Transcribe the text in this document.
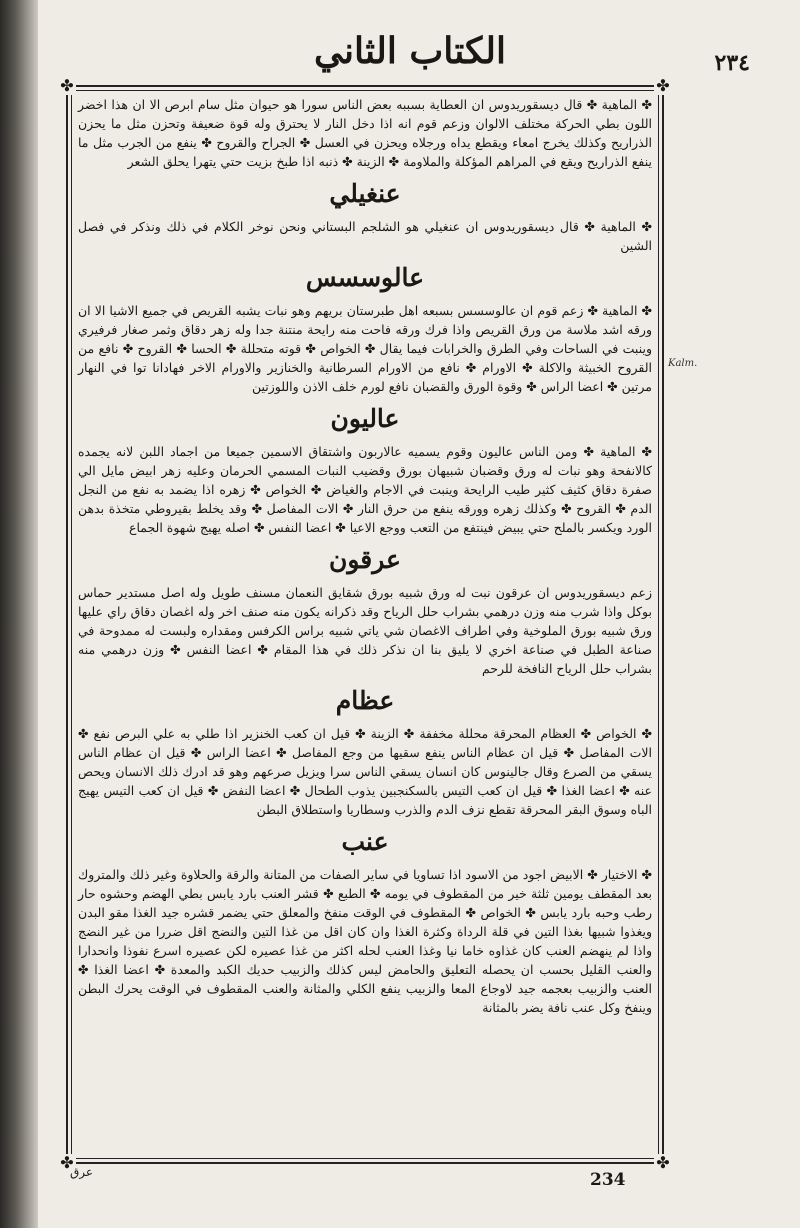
الكتاب الثاني	٢٣٤
✤	✤
✤	✤

✤ الماهية ✤ قال ديسقوريدوس ان العطاية بسببه بعض الناس سورا هو حيوان مثل سام ابرص الا ان هذا اخضر اللون بطي الحركة مختلف الالوان وزعم قوم انه اذا دخل النار لا يحترق وله قوة ضعيفة وتحزن مثل ما يحزن الذراريح وكذلك يخرج امعاء ويقطع يداه ورجلاه ويحزن في العسل ✤ الجراح والقروح ✤ ينفع من الجرب مثل ما ينفع الذراريح ويقع في المراهم المؤكلة والملاومة ✤ الزينة ✤ ذنبه اذا طبخ بزيت حتي يتهرا يحلق الشعر

عنغيلي

✤ الماهية ✤ قال ديسقوريدوس ان عنغيلي هو الشلجم البستاني ونحن نوخر الكلام في ذلك ونذكر في فصل الشين

عالوسسس

✤ الماهية ✤ زعم قوم ان عالوسسس بسبعه اهل طبرستان بريهم وهو نبات يشبه القريص في جميع الاشيا الا ان ورقه اشد ملاسة من ورق القريص واذا فرك ورقه فاحت منه رايحة منتنة جدا وله زهر دقاق وثمر صغار فرفيري وينبت في الساحات وفي الطرق والخرابات فيما يقال ✤ الخواص ✤ قوته متحللة ✤ الحسا ✤ القروح ✤ نافع من القروح الخبيثة والاكلة ✤ الاورام ✤ نافع من الاورام السرطانية والخنازير والاورام الاخر فهادانا توا في النهار مرتين ✤ اعضا الراس ✤ وقوة الورق والقضبان نافع لورم خلف الاذن واللوزتين

عاليون

✤ الماهية ✤ ومن الناس عاليون وقوم يسميه عالاربون واشتقاق الاسمين جميعا من اجماد اللبن لانه يجمده كالانفحة وهو نبات له ورق وقضبان شبيهان بورق وقضيب النبات المسمي الحرمان وعليه زهر ابيض مايل الي صفرة دقاق كثيف كثير طيب الرايحة وينبت في الاجام والغياض ✤ الخواص ✤ زهره اذا يضمد به نفع من النجل الدم ✤ القروح ✤ وكذلك زهره وورقه ينفع من حرق النار ✤ الات المفاصل ✤ وقد يخلط بقيروطي متخذة بدهن الورد ويكسر بالملح حتي يبيض فينتفع من التعب ووجع الاعيا ✤ اعضا النفس ✤ اصله يهيج شهوة الجماع

عرقون

زعم ديسقوريدوس ان عرقون نبت له ورق شبيه بورق شقايق النعمان مسنف طويل وله اصل مستدير حماس بوكل واذا شرب منه وزن درهمي بشراب حلل الرياح وقد ذكرانه يكون منه صنف اخر وله اغصان دقاق راي عليها ورق شبيه بورق الملوخية وفي اطراف الاغصان شي ياتي شبيه براس الكرفس ومقداره ولبست له ممدوحة في صناعة الطبل في صناعة اخري لا يليق بنا ان نذكر ذلك في هذا المقام ✤ اعضا النفس ✤ وزن درهمي منه بشراب حلل الرياح النافخة للرحم

عظام

✤ الخواص ✤ العظام المحرقة محللة مخففة ✤ الزينة ✤ قيل ان كعب الخنزير اذا طلي به علي البرص نفع ✤ الات المفاصل ✤ قيل ان عظام الناس ينفع سقيها من وجع المفاصل ✤ اعضا الراس ✤ قيل ان عظام الناس يسقي من الصرع وقال جالينوس كان انسان يسقي الناس سرا ويزيل صرعهم وهو قد ادرك ذلك الانسان ويحص عنه ✤ اعضا الغذا ✤ قيل ان كعب التيس بالسكنجبين يذوب الطحال ✤ اعضا النفض ✤ قيل ان كعب التيس يهيج الباه وسوق البقر المحرقة تقطع نزف الدم والذرب وسطاريا واستطلاق البطن

عنب

✤ الاختيار ✤ الابيض اجود من الاسود اذا تساويا في ساير الصفات من المتانة والرقة والحلاوة وغير ذلك والمتروك بعد المقطف يومين ثلثة خير من المقطوف في يومه ✤ الطبع ✤ قشر العنب بارد يابس بطي الهضم وحشوه حار رطب وحبه بارد يابس ✤ الخواص ✤ المقطوف في الوقت منفخ والمعلق حتي يضمر قشره جيد الغذا مقو البدن ويغذوا شبيها بغذا التين في قلة الرداة وكثرة الغذا وان كان اقل من غذا التين والنضج اقل ضررا من غير النضج واذا لم ينهضم العنب كان غذاوه خاما نيا وغذا العنب لحله اكثر من غذا عصيره لكن عصيره اسرع نفوذا وانحدارا والعنب القليل بحسب ان يحصله التعليق والحامض ليس كذلك والزبيب حديك الكبد والمعدة ✤ اعضا الغذا ✤ العنب والزبيب بعجمه جيد لاوجاع المعا والزبيب ينفع الكلي والمثانة والعنب المقطوف في الوقت يحرك البطن وينفخ وكل عنب نافة يضر بالمثانة

Kalm.
عرق	234
